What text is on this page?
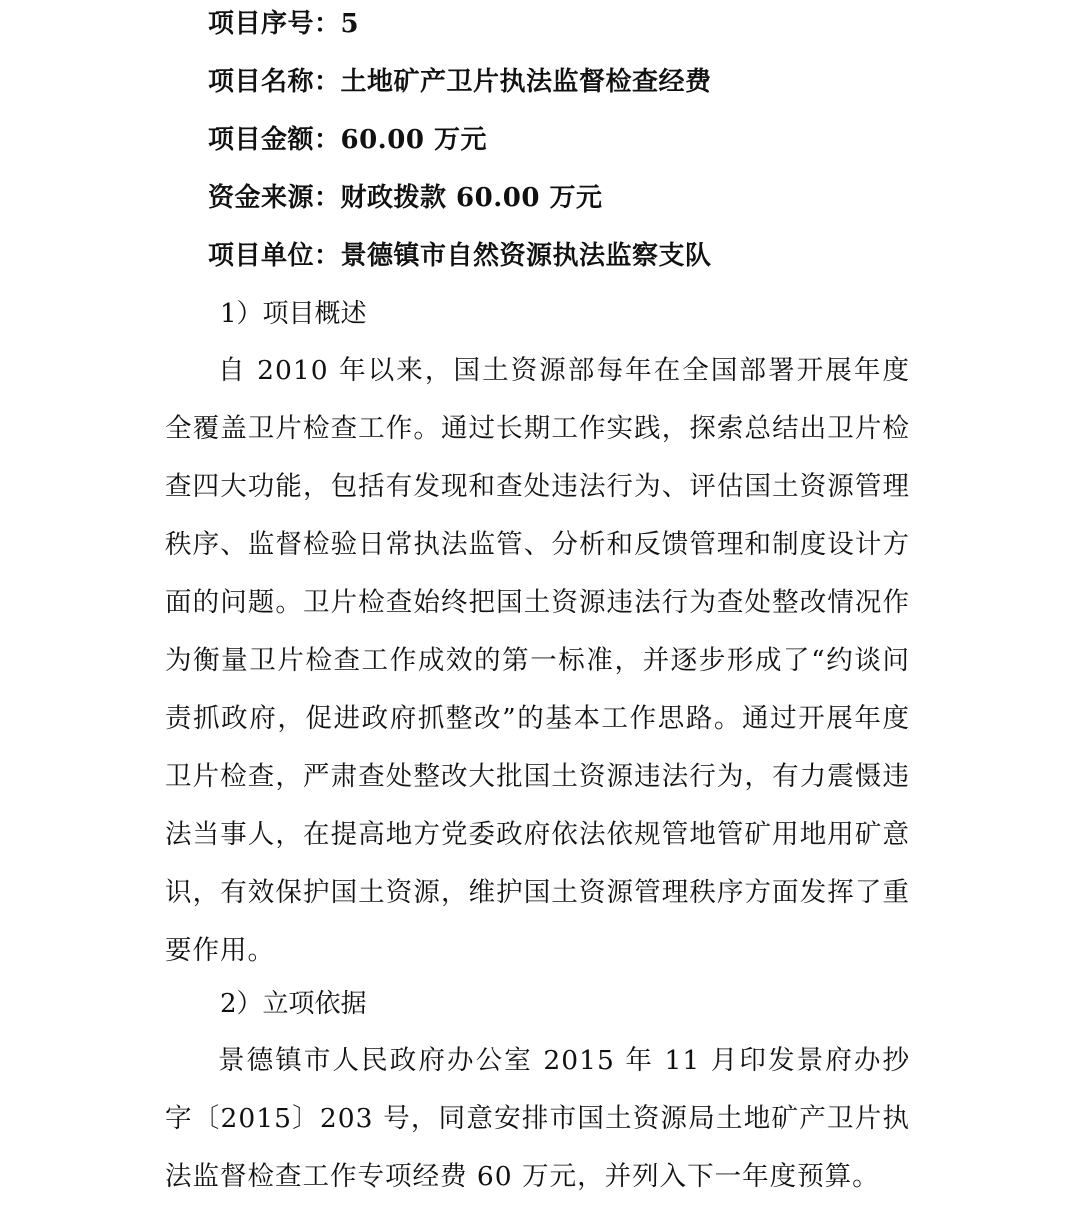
项目序号：5
项目名称：土地矿产卫片执法监督检查经费
项目金额：60.00 万元
资金来源：财政拨款 60.00 万元
项目单位：景德镇市自然资源执法监察支队
1）项目概述

自 2010 年以来，国土资源部每年在全国部署开展年度全覆盖卫片检查工作。通过长期工作实践，探索总结出卫片检查四大功能，包括有发现和查处违法行为、评估国土资源管理秩序、监督检验日常执法监管、分析和反馈管理和制度设计方面的问题。卫片检查始终把国土资源违法行为查处整改情况作为衡量卫片检查工作成效的第一标准，并逐步形成了“约谈问责抓政府，促进政府抓整改”的基本工作思路。通过开展年度卫片检查，严肃查处整改大批国土资源违法行为，有力震慑违法当事人，在提高地方党委政府依法依规管地管矿用地用矿意识，有效保护国土资源，维护国土资源管理秩序方面发挥了重要作用。

2）立项依据

景德镇市人民政府办公室 2015 年 11 月印发景府办抄字〔2015〕203 号，同意安排市国土资源局土地矿产卫片执法监督检查工作专项经费 60 万元，并列入下一年度预算。
